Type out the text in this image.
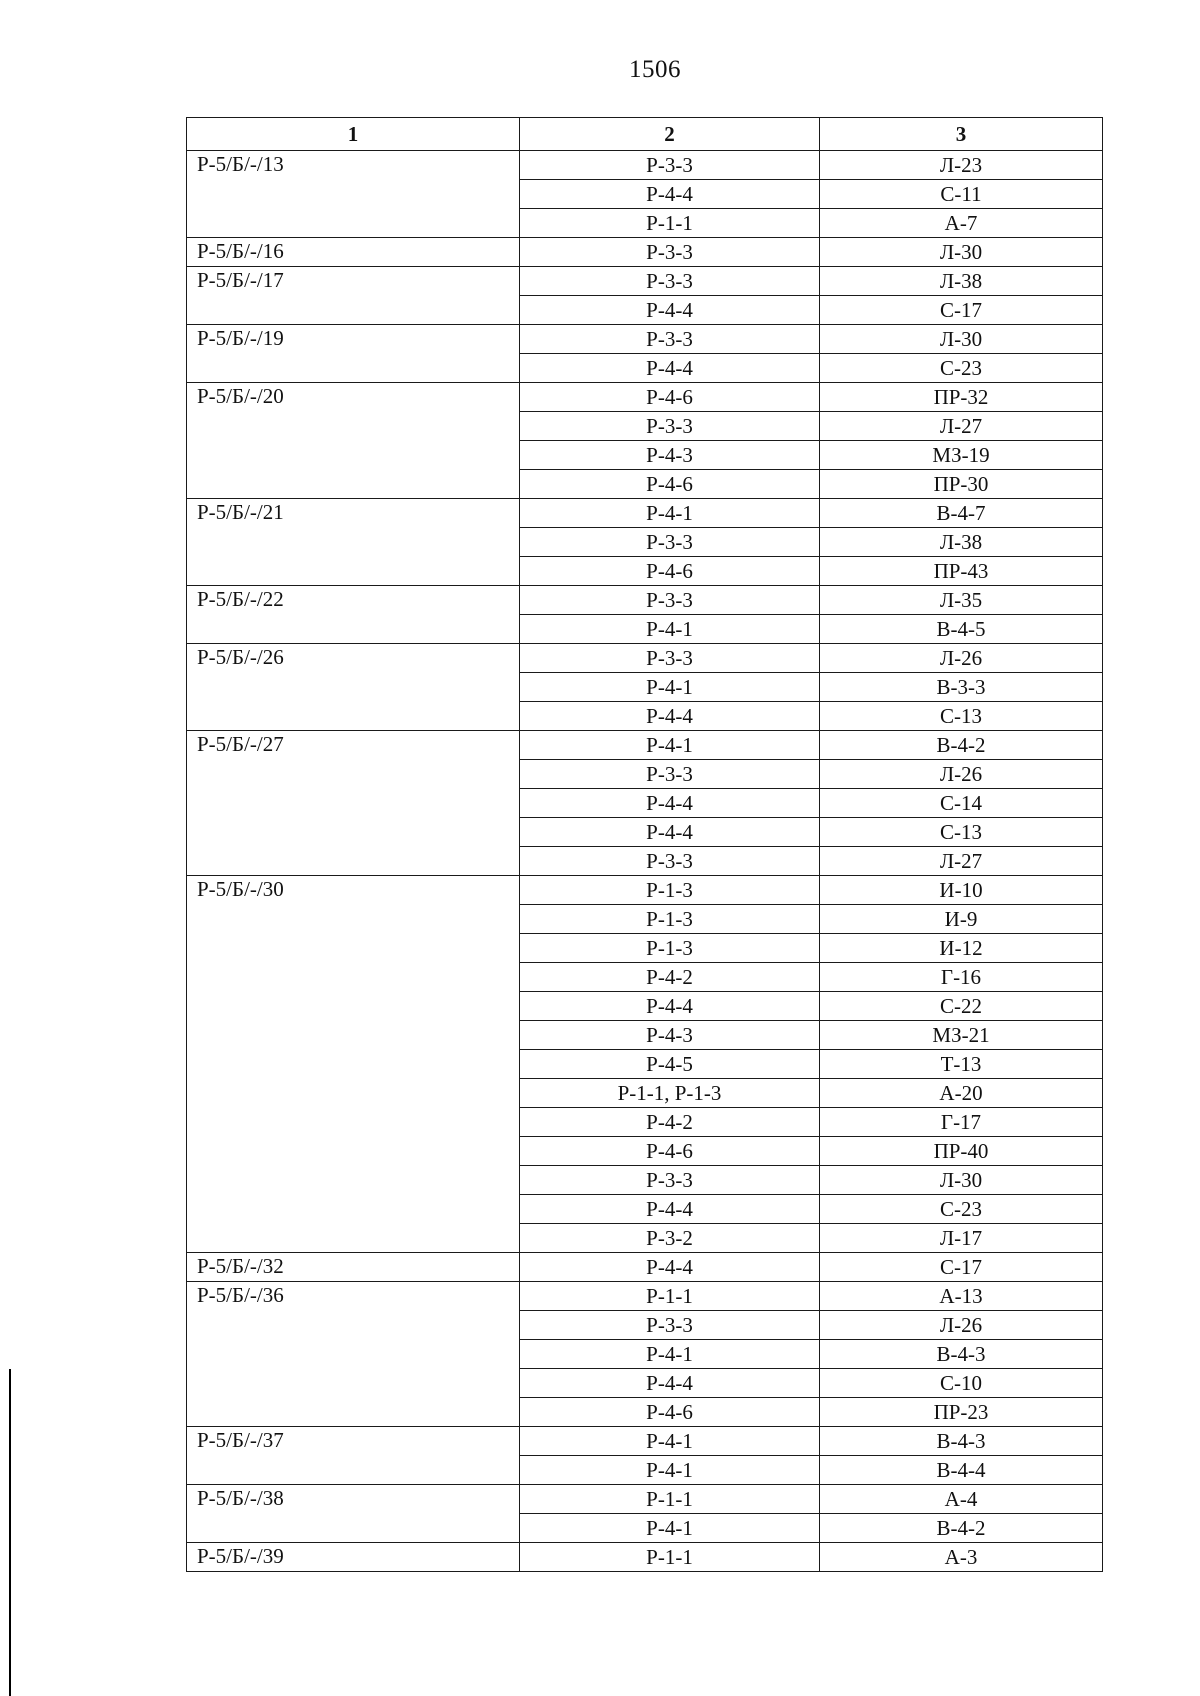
1506
1	2	3
Р-5/Б/-/13	Р-3-3	Л-23
	Р-4-4	С-11
	Р-1-1	А-7
Р-5/Б/-/16	Р-3-3	Л-30
Р-5/Б/-/17	Р-3-3	Л-38
	Р-4-4	С-17
Р-5/Б/-/19	Р-3-3	Л-30
	Р-4-4	С-23
Р-5/Б/-/20	Р-4-6	ПР-32
	Р-3-3	Л-27
	Р-4-3	МЗ-19
	Р-4-6	ПР-30
Р-5/Б/-/21	Р-4-1	В-4-7
	Р-3-3	Л-38
	Р-4-6	ПР-43
Р-5/Б/-/22	Р-3-3	Л-35
	Р-4-1	В-4-5
Р-5/Б/-/26	Р-3-3	Л-26
	Р-4-1	В-3-3
	Р-4-4	С-13
Р-5/Б/-/27	Р-4-1	В-4-2
	Р-3-3	Л-26
	Р-4-4	С-14
	Р-4-4	С-13
	Р-3-3	Л-27
Р-5/Б/-/30	Р-1-3	И-10
	Р-1-3	И-9
	Р-1-3	И-12
	Р-4-2	Г-16
	Р-4-4	С-22
	Р-4-3	МЗ-21
	Р-4-5	Т-13
	Р-1-1, Р-1-3	А-20
	Р-4-2	Г-17
	Р-4-6	ПР-40
	Р-3-3	Л-30
	Р-4-4	С-23
	Р-3-2	Л-17
Р-5/Б/-/32	Р-4-4	С-17
Р-5/Б/-/36	Р-1-1	А-13
	Р-3-3	Л-26
	Р-4-1	В-4-3
	Р-4-4	С-10
	Р-4-6	ПР-23
Р-5/Б/-/37	Р-4-1	В-4-3
	Р-4-1	В-4-4
Р-5/Б/-/38	Р-1-1	А-4
	Р-4-1	В-4-2
Р-5/Б/-/39	Р-1-1	А-3
